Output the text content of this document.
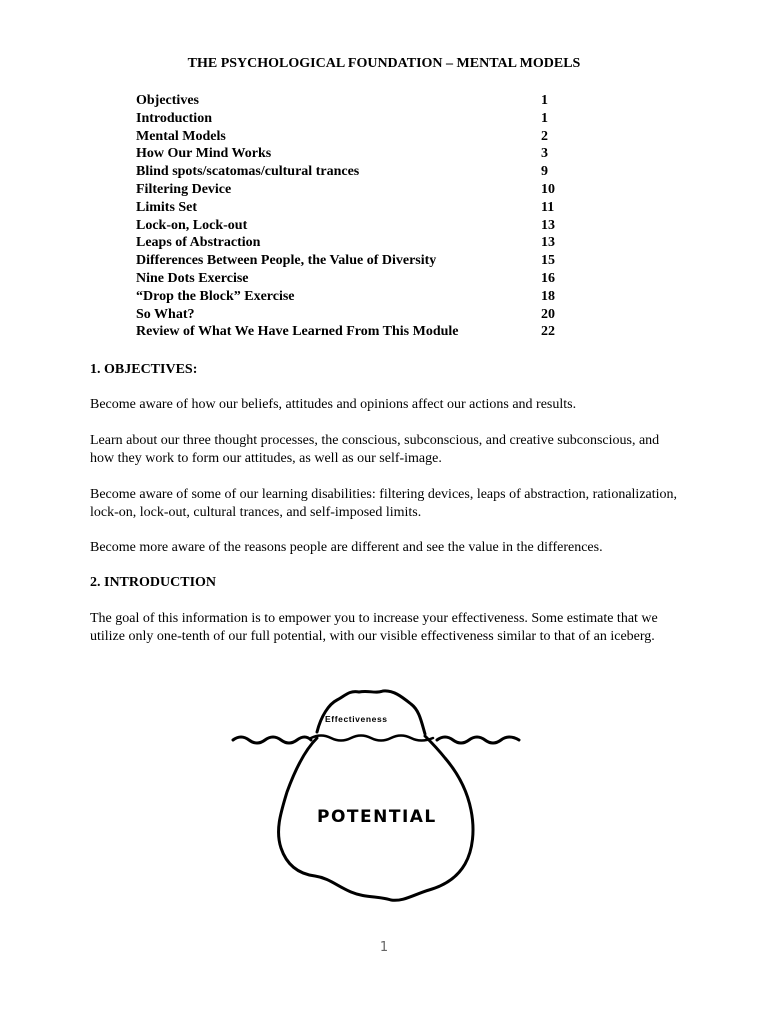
THE PSYCHOLOGICAL FOUNDATION – MENTAL MODELS
Objectives	1
Introduction	1
Mental Models	2
How Our Mind Works	3
Blind spots/scatomas/cultural trances	9
Filtering Device	10
Limits Set	11
Lock-on, Lock-out	13
Leaps of Abstraction	13
Differences Between People, the Value of Diversity	15
Nine Dots Exercise	16
“Drop the Block” Exercise	18
So What?	20
Review of What We Have Learned From This Module	22
1. OBJECTIVES:
Become aware of how our beliefs, attitudes and opinions affect our actions and results.
Learn about our three thought processes, the conscious, subconscious, and creative subconscious, and how they work to form our attitudes, as well as our self-image.
Become aware of some of our learning disabilities: filtering devices, leaps of abstraction, rationalization, lock-on, lock-out, cultural trances, and self-imposed limits.
Become more aware of the reasons people are different and see the value in the differences.
2. INTRODUCTION
The goal of this information is to empower you to increase your effectiveness. Some estimate that we utilize only one-tenth of our full potential, with our visible effectiveness similar to that of an iceberg.
Effectiveness
POTENTIAL
1
